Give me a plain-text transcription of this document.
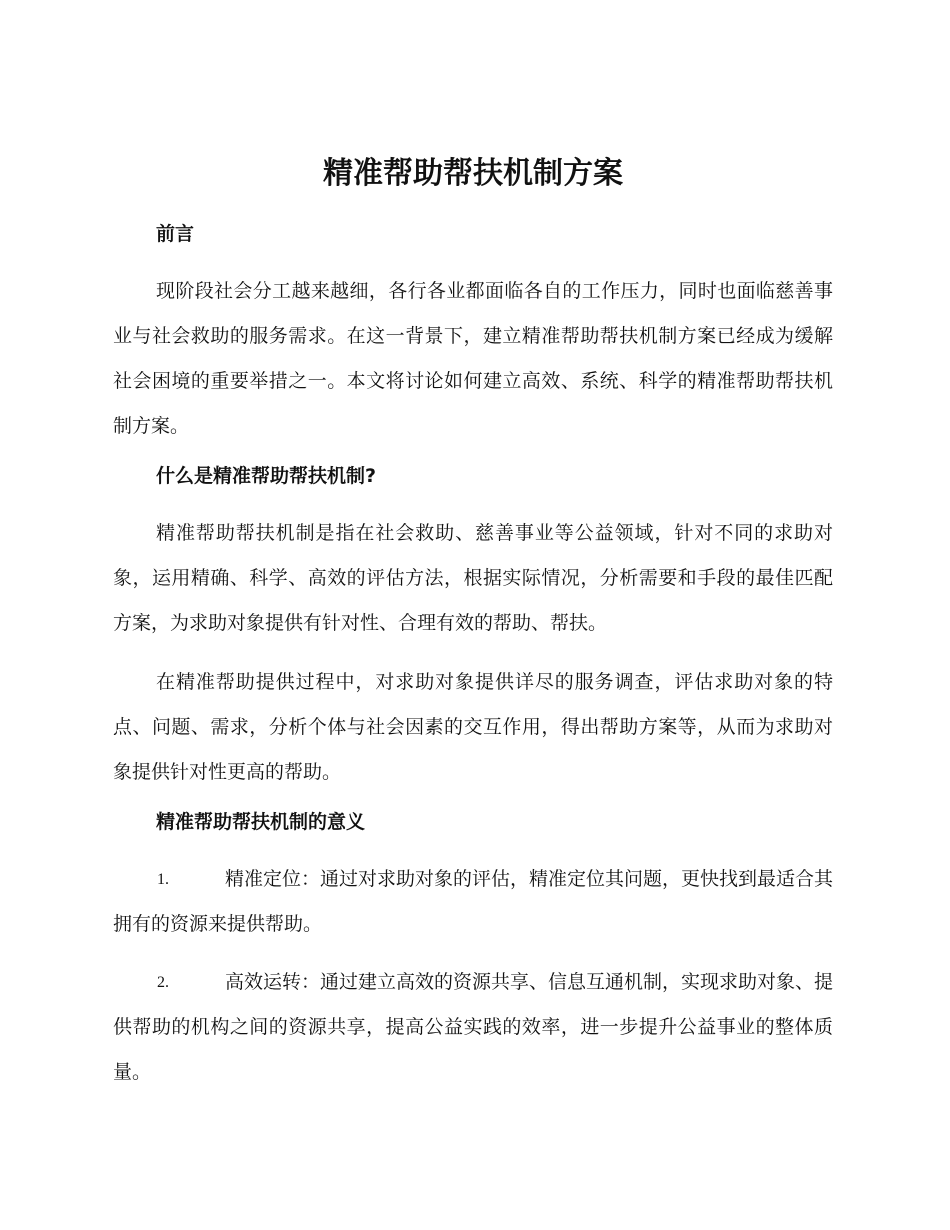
精准帮助帮扶机制方案
前言

现阶段社会分工越来越细，各行各业都面临各自的工作压力，同时也面临慈善事业与社会救助的服务需求。在这一背景下，建立精准帮助帮扶机制方案已经成为缓解社会困境的重要举措之一。本文将讨论如何建立高效、系统、科学的精准帮助帮扶机制方案。

什么是精准帮助帮扶机制?

精准帮助帮扶机制是指在社会救助、慈善事业等公益领域，针对不同的求助对象，运用精确、科学、高效的评估方法，根据实际情况，分析需要和手段的最佳匹配方案，为求助对象提供有针对性、合理有效的帮助、帮扶。

在精准帮助提供过程中，对求助对象提供详尽的服务调查，评估求助对象的特点、问题、需求，分析个体与社会因素的交互作用，得出帮助方案等，从而为求助对象提供针对性更高的帮助。

精准帮助帮扶机制的意义
1.	精准定位：通过对求助对象的评估，精准定位其问题，更快找到最适合其拥有的资源来提供帮助。
2.	高效运转：通过建立高效的资源共享、信息互通机制，实现求助对象、提供帮助的机构之间的资源共享，提高公益实践的效率，进一步提升公益事业的整体质量。
